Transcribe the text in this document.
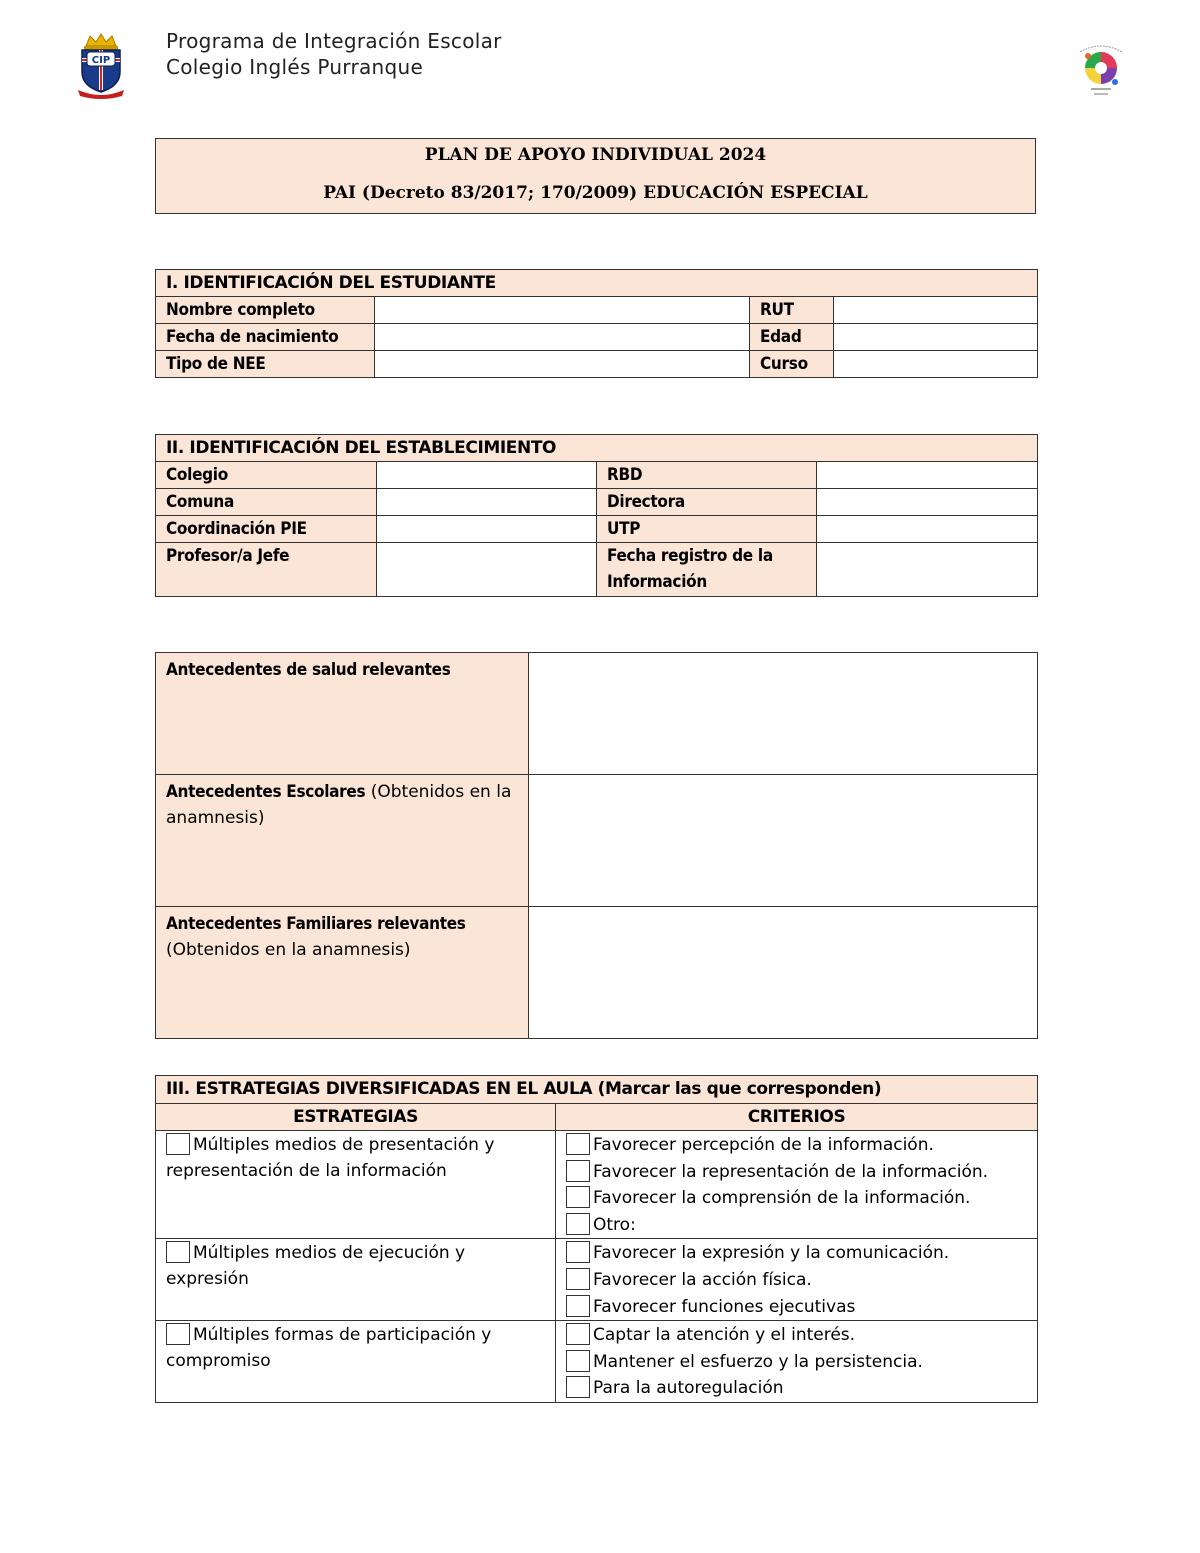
CIP
Programa de Integración Escolar
Colegio Inglés Purranque
PLAN DE APOYO INDIVIDUAL 2024
PAI (Decreto 83/2017; 170/2009) EDUCACIÓN ESPECIAL
I. IDENTIFICACIÓN DEL ESTUDIANTE			
Nombre completo		RUT	
Fecha de nacimiento		Edad	
Tipo de NEE		Curso	
II. IDENTIFICACIÓN DEL ESTABLECIMIENTO			
Colegio		RBD	
Comuna		Directora	
Coordinación PIE		UTP	
Profesor/a Jefe		Fecha registro de la Información	
Antecedentes de salud relevantes	
Antecedentes Escolares (Obtenidos en la anamnesis)	
Antecedentes Familiares relevantes
(Obtenidos en la anamnesis)	
III. ESTRATEGIAS DIVERSIFICADAS EN EL AULA (Marcar las que corresponden)	
ESTRATEGIAS	CRITERIOS
Múltiples medios de presentación y representación de la información	Favorecer percepción de la información.
Favorecer la representación de la información.
Favorecer la comprensión de la información.
Otro:

Múltiples medios de ejecución y expresión	Favorecer la expresión y la comunicación.
Favorecer la acción física.
Favorecer funciones ejecutivas

Múltiples formas de participación y compromiso	Captar la atención y el interés.
Mantener el esfuerzo y la persistencia.
Para la autoregulación
